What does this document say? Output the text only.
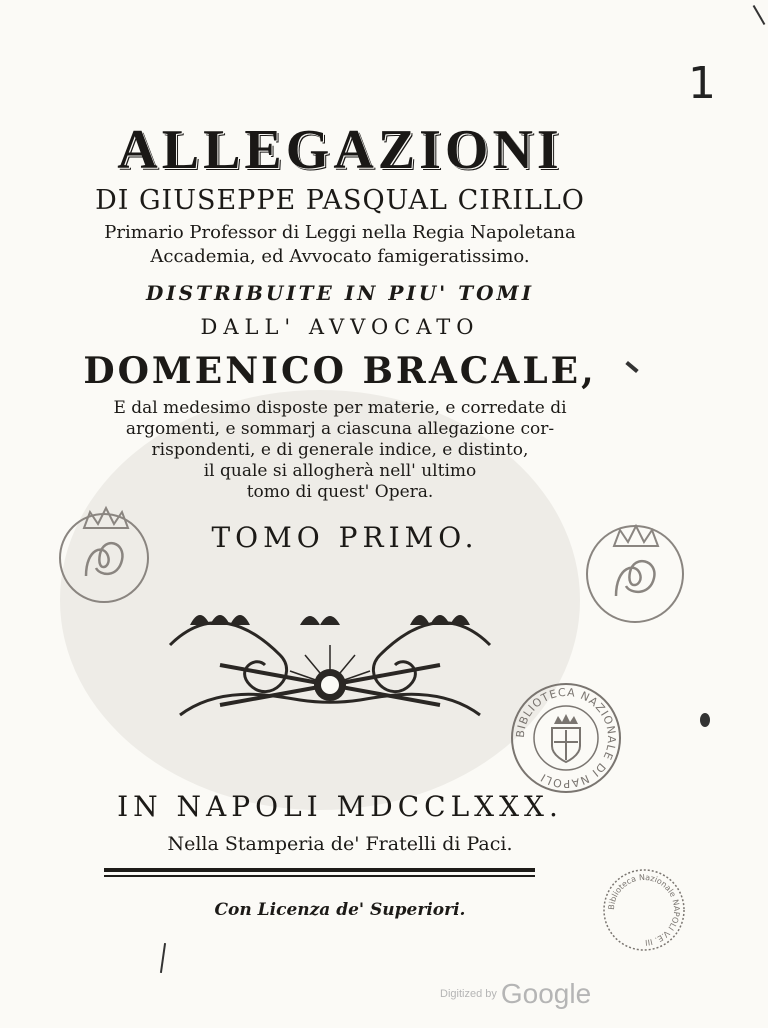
1
ALLEGAZIONI
DI GIUSEPPE PASQUAL CIRILLO
Primario Professor di Leggi nella Regia Napoletana
Accademia, ed Avvocato famigeratissimo.
DISTRIBUITE IN PIU' TOMI
DALL' AVVOCATO
DOMENICO BRACALE,
E dal medesimo disposte per materie, e corredate di
argomenti, e sommarj a ciascuna allegazione cor-
rispondenti, e di generale indice, e distinto,
il quale si allogherà nell' ultimo
tomo di quest' Opera.
TOMO PRIMO.
BIBLIOTECA NAZIONALE DI NAPOLI
IN NAPOLI MDCCLXXX.
Nella Stamperia de' Fratelli di Paci.
Con Licenza de' Superiori.	Biblioteca Nazionale NAPOLI V.E. III
Digitized by Google
